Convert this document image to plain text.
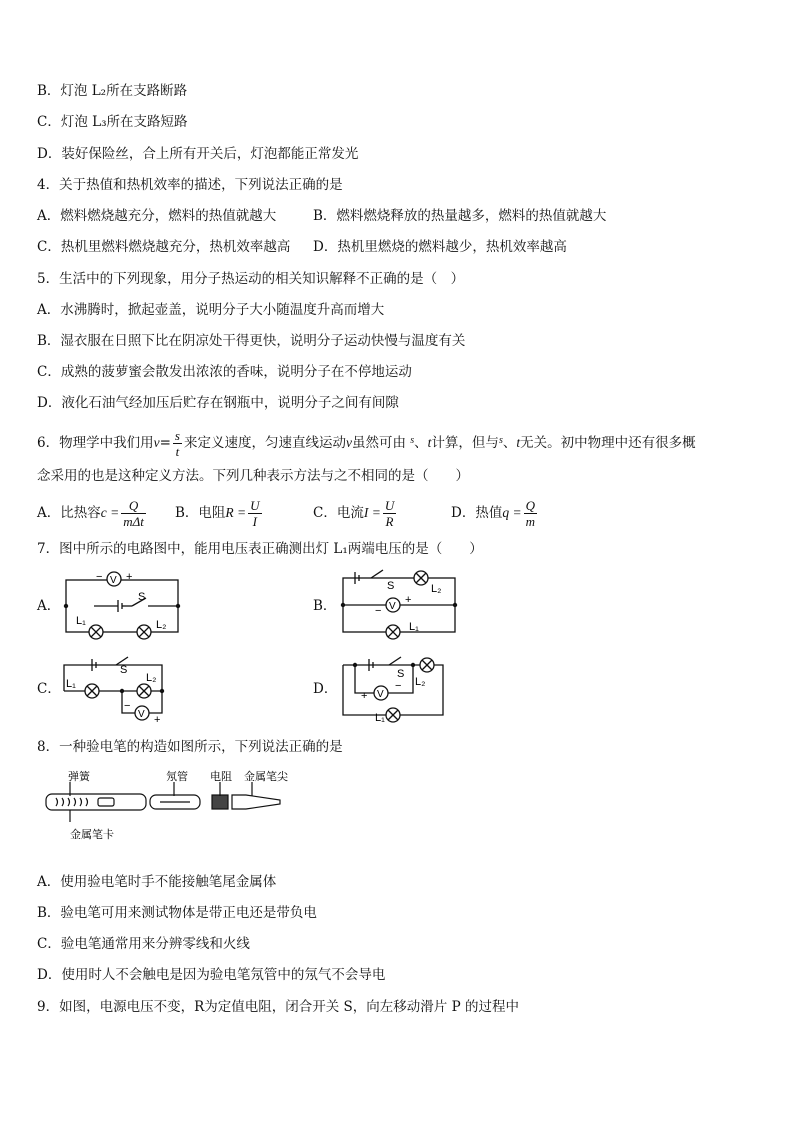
B．灯泡 L₂所在支路断路
C．灯泡 L₃所在支路短路
D．装好保险丝，合上所有开关后，灯泡都能正常发光
4．关于热值和热机效率的描述，下列说法正确的是
A．燃料燃烧越充分，燃料的热值就越大	B．燃料燃烧释放的热量越多，燃料的热值就越大
C．热机里燃料燃烧越充分，热机效率越高 D．热机里燃烧的燃料越少，热机效率越高
5．生活中的下列现象，用分子热运动的相关知识解释不正确的是（　）
A．水沸腾时，掀起壶盖，说明分子大小随温度升高而增大
B．湿衣服在日照下比在阴凉处干得更快，说明分子运动快慢与温度有关
C．成熟的菠萝蜜会散发出浓浓的香味，说明分子在不停地运动
D．液化石油气经加压后贮存在钢瓶中，说明分子之间有间隙
6．物理学中我们用$v= \frac{s}{t}$ 来定义速度，匀速直线运动v虽然可由 $^s$、t计算，但与$^s$、t无关。初中物理中还有很多概
念采用的也是这种定义方法。下列几种表示方法与之不相同的是（　　）
A．比热容$c = \frac{Q}{\text{mΔt}}$ B．电阻$R = \frac{U}{I}$	C．电流$I = \frac{U}{R}$	D．热值$q = \frac{Q}{m}$
7．图中所示的电路图中，能用电压表正确测出灯 L₁两端电压的是（　　）
A．
V
− +
S
L₁	L₂
B．
S	L₂
V
−
+
L₁
C．
S
L₁	L₂
V
−
+
D．
S
L₂
V
+
−
L₁
8．一种验电笔的构造如图所示，下列说法正确的是
弹簧	氖管 电阻 金属笔尖
金属笔卡
A．使用验电笔时手不能接触笔尾金属体
B．验电笔可用来测试物体是带正电还是带负电
C．验电笔通常用来分辨零线和火线
D．使用时人不会触电是因为验电笔氖管中的氖气不会导电
9．如图，电源电压不变，R为定值电阻，闭合开关 S，向左移动滑片 P 的过程中
